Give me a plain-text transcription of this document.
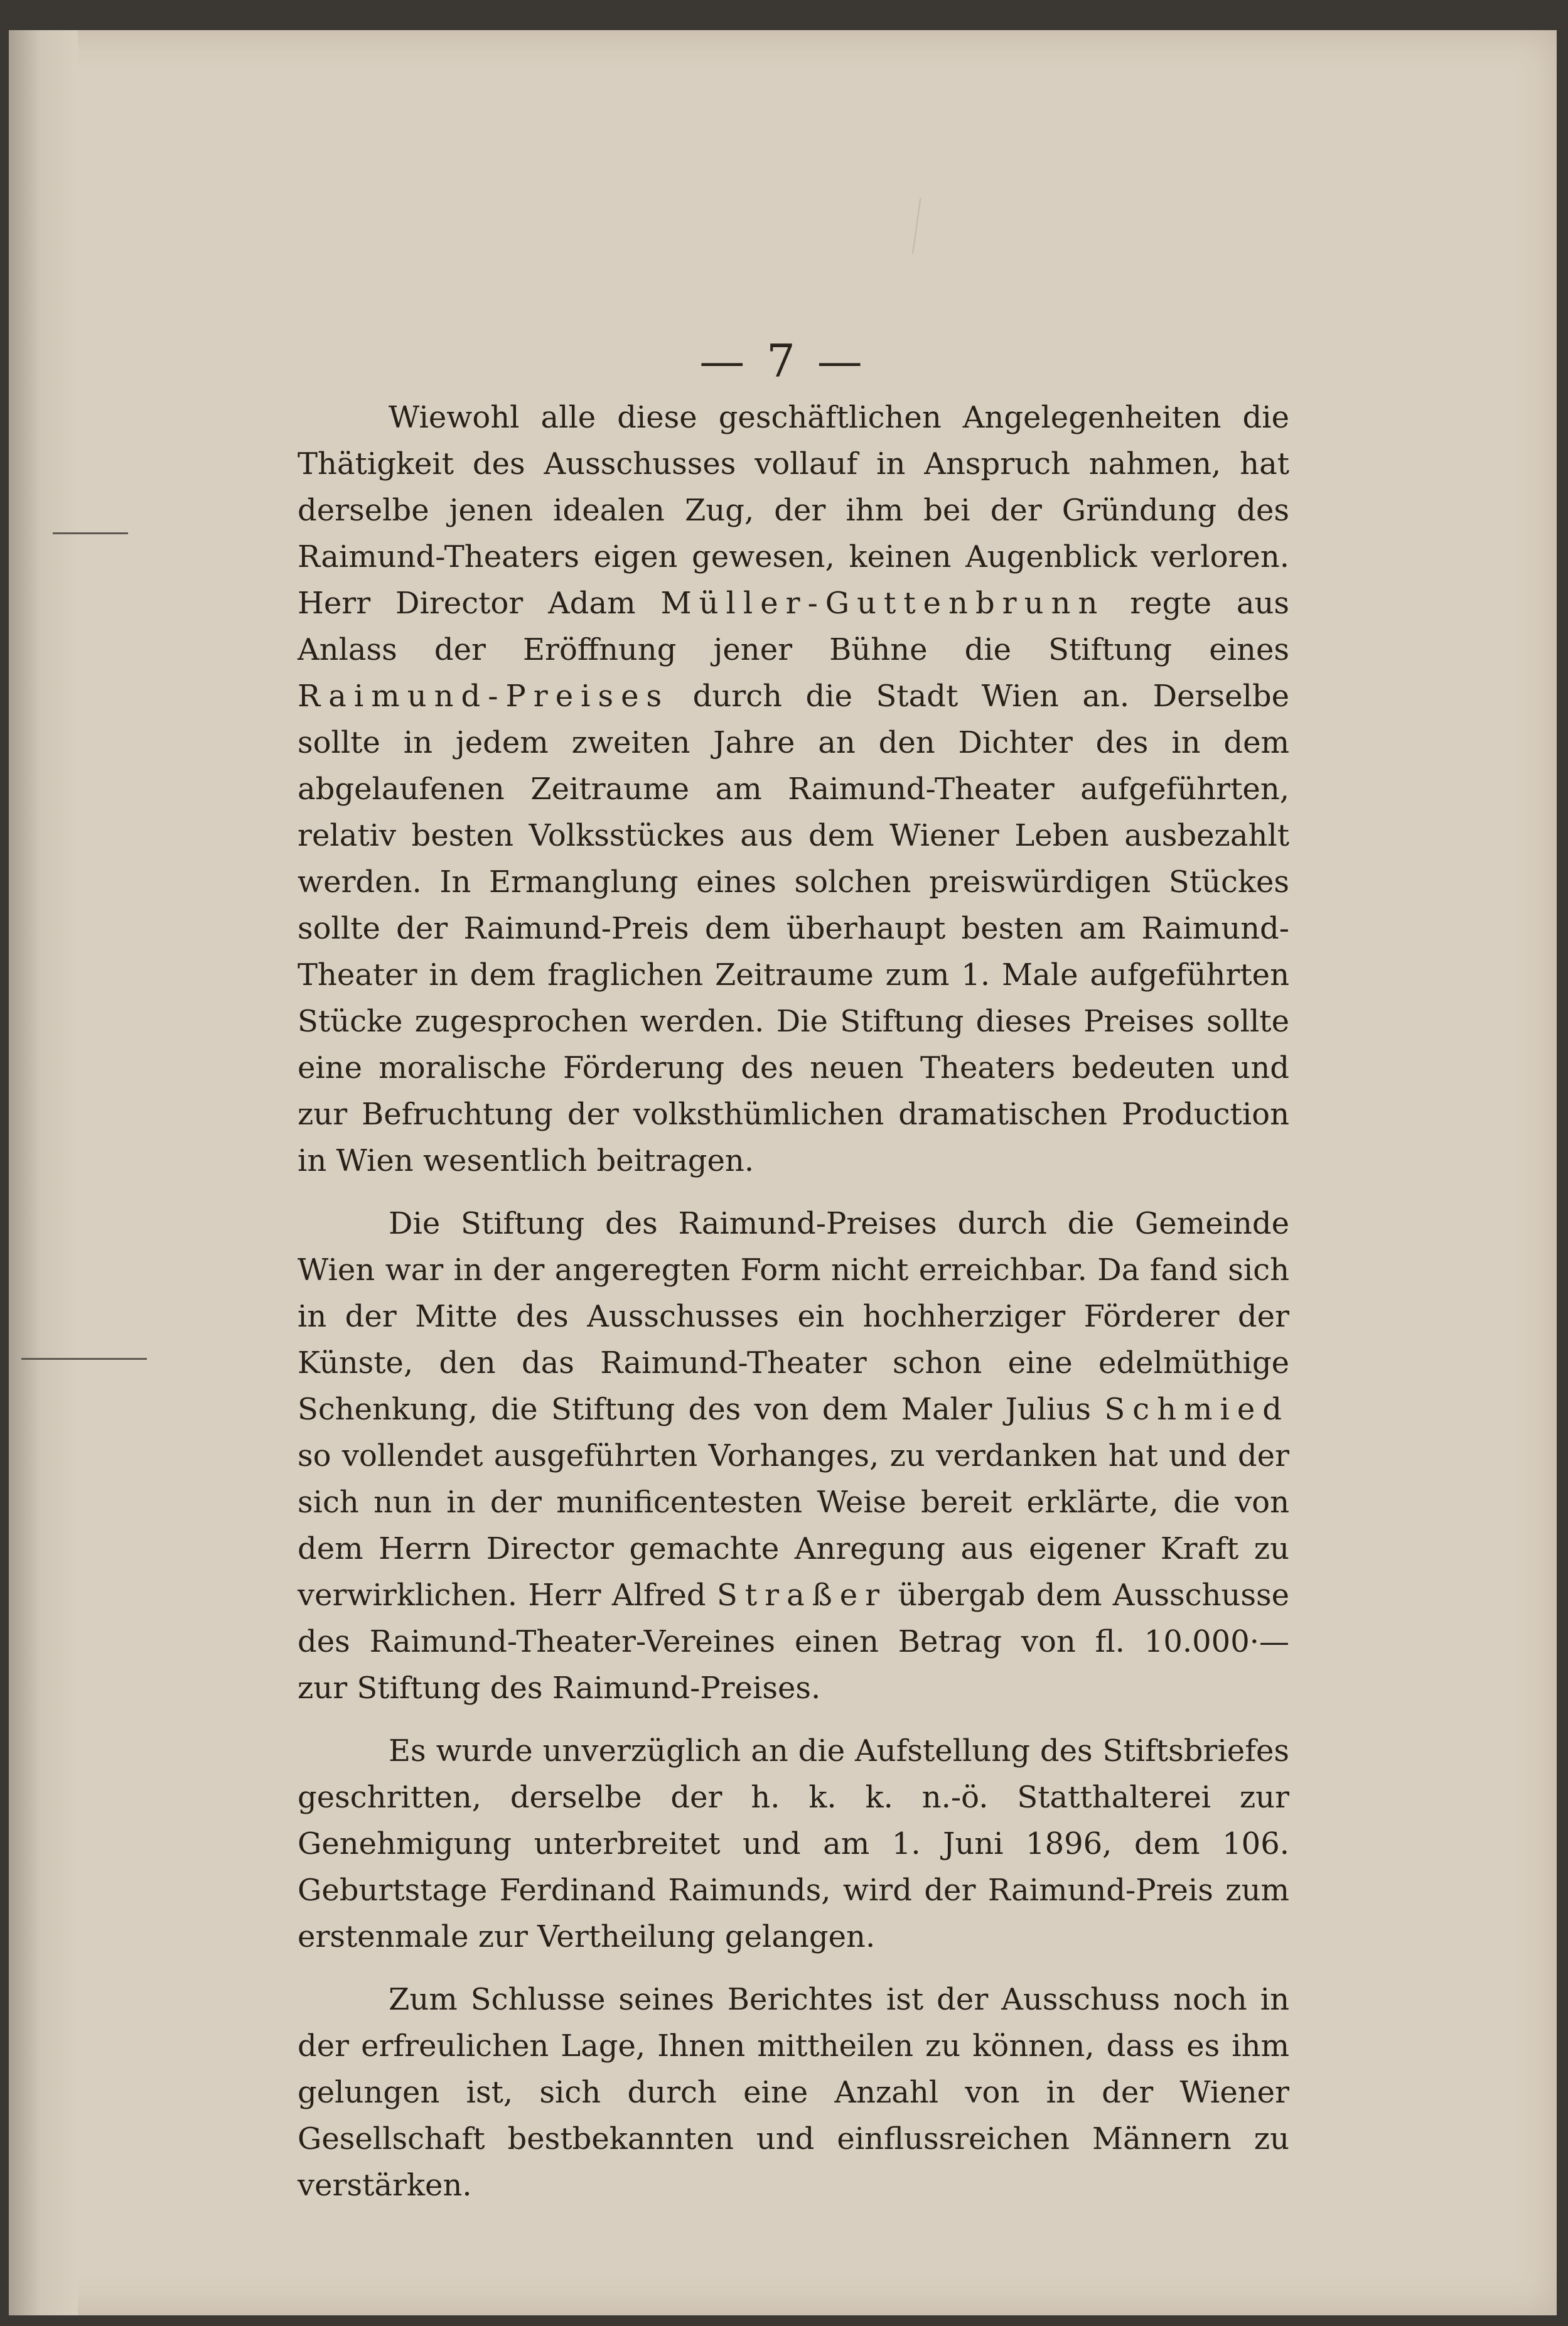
— 7 —

Wiewohl alle diese geschäftlichen Angelegenheiten die Thätigkeit des Ausschusses vollauf in Anspruch nahmen, hat derselbe jenen idealen Zug, der ihm bei der Gründung des Raimund-Theaters eigen gewesen, keinen Augenblick verloren. Herr Director Adam Müller-Guttenbrunn regte aus Anlass der Eröffnung jener Bühne die Stiftung eines Raimund-Preises durch die Stadt Wien an. Derselbe sollte in jedem zweiten Jahre an den Dichter des in dem abgelaufenen Zeitraume am Raimund-Theater aufgeführten, relativ besten Volksstückes aus dem Wiener Leben ausbezahlt werden. In Ermanglung eines solchen preiswürdigen Stückes sollte der Raimund-Preis dem überhaupt besten am Raimund-Theater in dem fraglichen Zeitraume zum 1. Male aufgeführten Stücke zugesprochen werden. Die Stiftung dieses Preises sollte eine moralische Förderung des neuen Theaters bedeuten und zur Befruchtung der volksthümlichen dramatischen Production in Wien wesentlich beitragen.

Die Stiftung des Raimund-Preises durch die Gemeinde Wien war in der angeregten Form nicht erreichbar. Da fand sich in der Mitte des Ausschusses ein hochherziger Förderer der Künste, den das Raimund-Theater schon eine edelmüthige Schenkung, die Stiftung des von dem Maler Julius Schmied so vollendet ausgeführten Vorhanges, zu verdanken hat und der sich nun in der munificentesten Weise bereit erklärte, die von dem Herrn Director gemachte Anregung aus eigener Kraft zu verwirklichen. Herr Alfred Straßer übergab dem Ausschusse des Raimund-Theater-Vereines einen Betrag von fl. 10.000·— zur Stiftung des Raimund-Preises.

Es wurde unverzüglich an die Aufstellung des Stiftsbriefes geschritten, derselbe der h. k. k. n.-ö. Statthalterei zur Genehmigung unterbreitet und am 1. Juni 1896, dem 106. Geburtstage Ferdinand Raimunds, wird der Raimund-Preis zum erstenmale zur Vertheilung gelangen.

Zum Schlusse seines Berichtes ist der Ausschuss noch in der erfreulichen Lage, Ihnen mittheilen zu können, dass es ihm gelungen ist, sich durch eine Anzahl von in der Wiener Gesellschaft bestbekannten und einflussreichen Männern zu verstärken.
